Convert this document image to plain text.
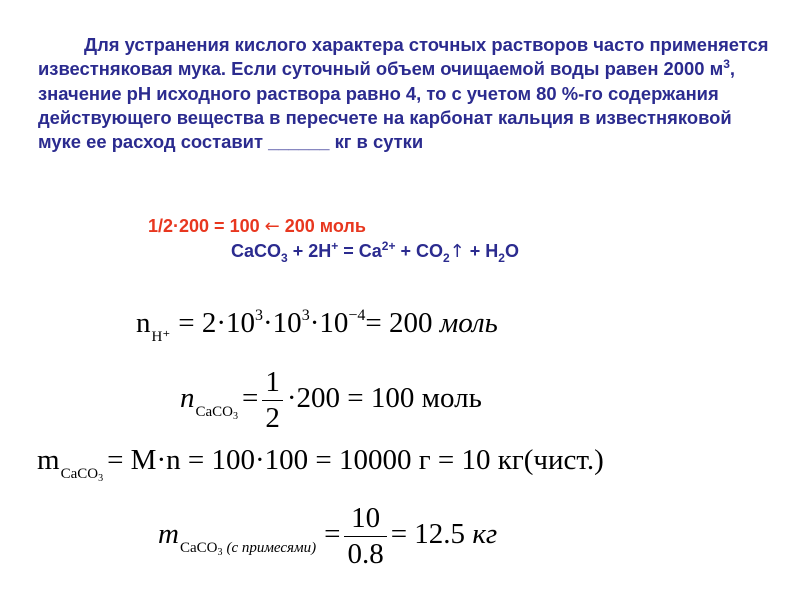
Для устранения кислого характера сточных растворов часто применяется известняковая мука. Если суточный объем очищаемой воды равен 2000 $м^3$, значение pH исходного раствора равно 4, то с учетом 80 %-го содержания действующего вещества в пересчете на карбонат кальция в известняковой муке ее расход составит ______ кг в сутки

1/2·200 = 100 ← 200 моль
CaCO$_3$ + $2H^+ = Ca^{2+}$ + $CO_2↑ + H_2O$
$n_{H^+} = 2\cdot 10^3\cdot 10^3\cdot 10^{-4}= 200$ моль
$n_{CaCO_3}= \frac{1}{2} \cdot 200 = 100$ моль
$m_{CaCO_3}= M\cdot n = 100\cdot 100 = 10000$ г = 10 кг(чист.)
$m_{CaCO_3}$ $_{(с примесями)} = \frac{10}{0.8} = 12.5$ кг
